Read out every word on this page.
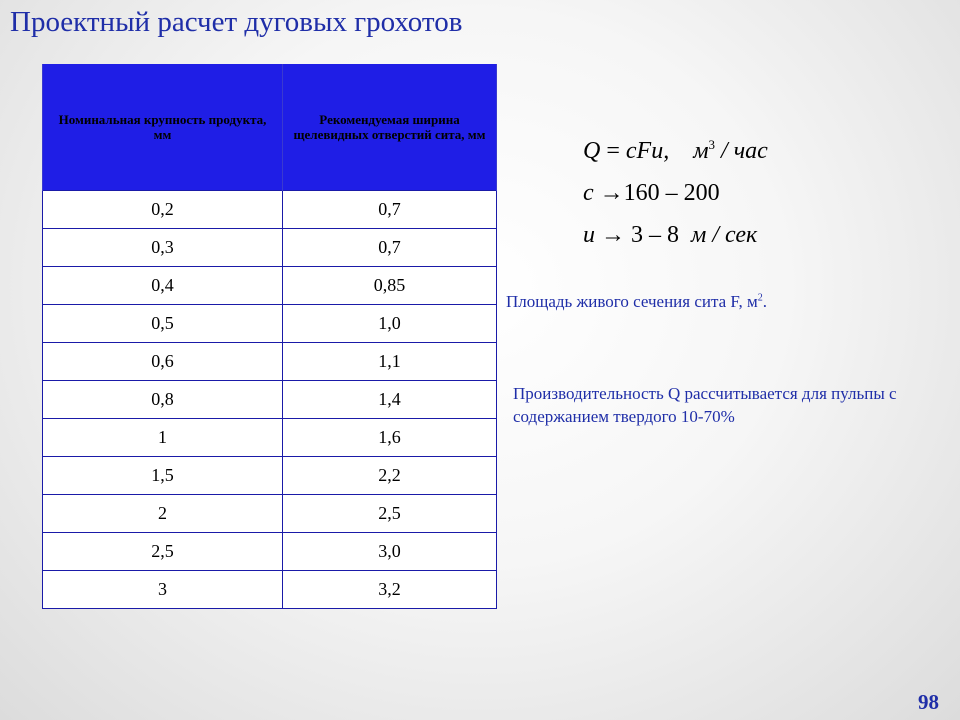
Проектный расчет дуговых грохотов
Номинальная крупность продукта, мм	Рекомендуемая ширина щелевидных отверстий сита, мм
0,2	0,7
0,3	0,7
0,4	0,85
0,5	1,0
0,6	1,1
0,8	1,4
1	1,6
1,5	2,2
2	2,5
2,5	3,0
3	3,2
Q = cFu, $м^3$ / час
c →160 – 200
u → 3 – 8 м / сек
Площадь живого сечения сита F, $м^2$.
Производительность Q рассчитывается для пульпы с содержанием твердого 10-70%
98
